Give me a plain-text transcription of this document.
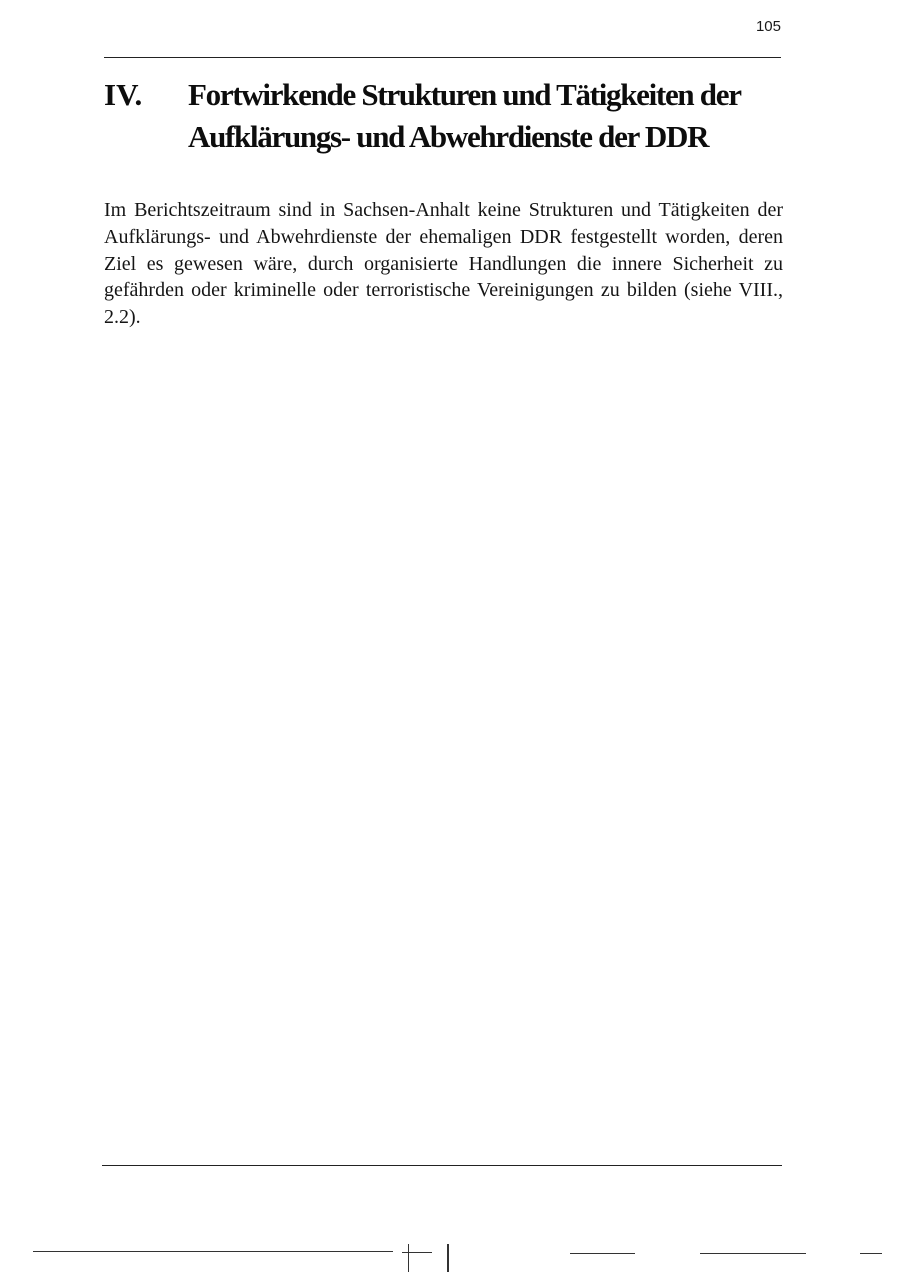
105
IV. Fortwirkende Strukturen und Tätigkeiten der
Aufklärungs- und Abwehrdienste der DDR

Im Berichtszeitraum sind in Sachsen-Anhalt keine Strukturen und Tätigkeiten der Aufklärungs- und Abwehrdienste der ehemaligen DDR festgestellt worden, deren Ziel es gewesen wäre, durch organisierte Handlungen die innere Sicherheit zu gefährden oder kriminelle oder terroristische Vereinigungen zu bilden (siehe VIII., 2.2).
